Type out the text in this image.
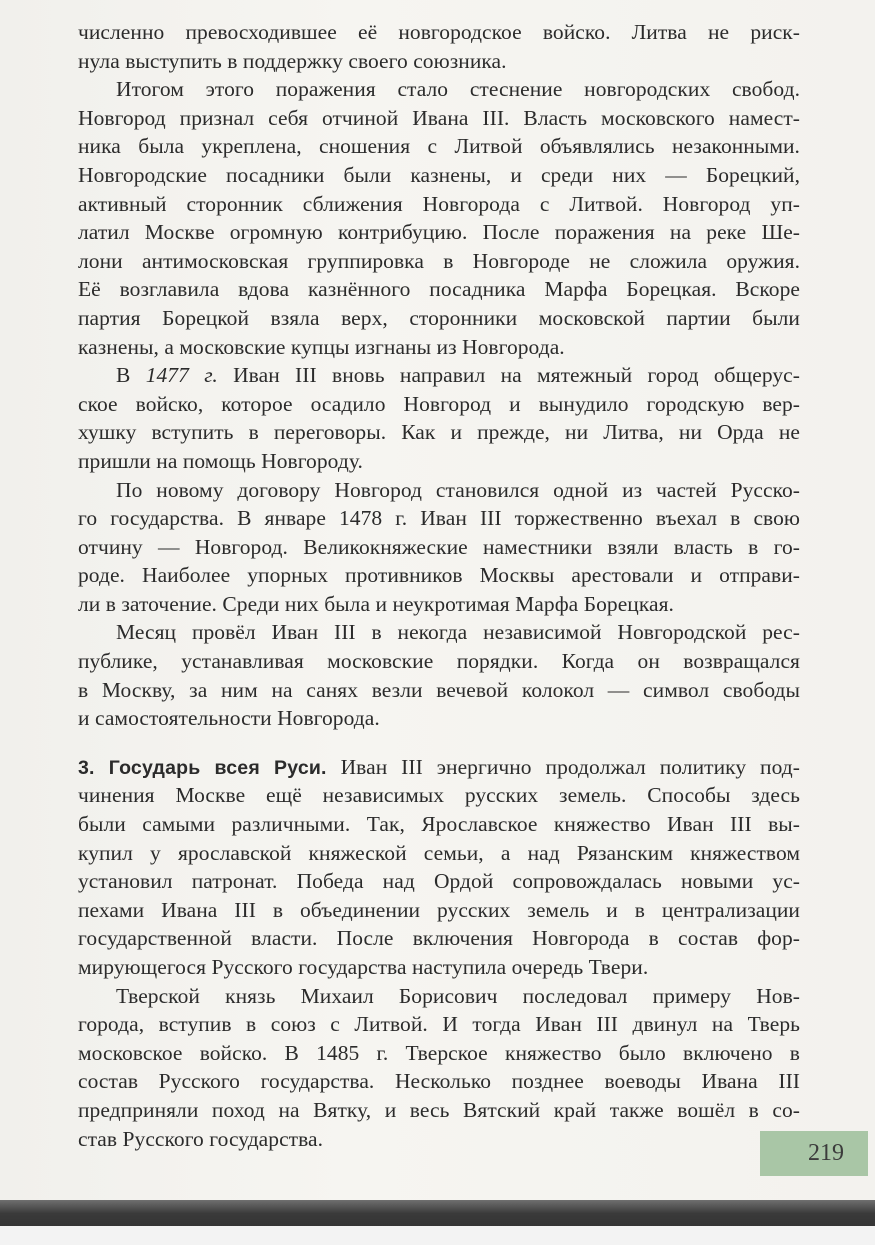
численно превосходившее её новгородское войско. Литва не риск-
нула выступить в поддержку своего союзника.
Итогом этого поражения стало стеснение новгородских свобод.
Новгород признал себя отчиной Ивана III. Власть московского намест-
ника была укреплена, сношения с Литвой объявлялись незаконными.
Новгородские посадники были казнены, и среди них — Борецкий,
активный сторонник сближения Новгорода с Литвой. Новгород уп-
латил Москве огромную контрибуцию. После поражения на реке Ше-
лони антимосковская группировка в Новгороде не сложила оружия.
Её возглавила вдова казнённого посадника Марфа Борецкая. Вскоре
партия Борецкой взяла верх, сторонники московской партии были
казнены, а московские купцы изгнаны из Новгорода.
В 1477 г. Иван III вновь направил на мятежный город общерус-
ское войско, которое осадило Новгород и вынудило городскую вер-
хушку вступить в переговоры. Как и прежде, ни Литва, ни Орда не
пришли на помощь Новгороду.
По новому договору Новгород становился одной из частей Русско-
го государства. В январе 1478 г. Иван III торжественно въехал в свою
отчину — Новгород. Великокняжеские наместники взяли власть в го-
роде. Наиболее упорных противников Москвы арестовали и отправи-
ли в заточение. Среди них была и неукротимая Марфа Борецкая.
Месяц провёл Иван III в некогда независимой Новгородской рес-
публике, устанавливая московские порядки. Когда он возвращался
в Москву, за ним на санях везли вечевой колокол — символ свободы
и самостоятельности Новгорода.
3. Государь всея Руси. Иван III энергично продолжал политику под-
чинения Москве ещё независимых русских земель. Способы здесь
были самыми различными. Так, Ярославское княжество Иван III вы-
купил у ярославской княжеской семьи, а над Рязанским княжеством
установил патронат. Победа над Ордой сопровождалась новыми ус-
пехами Ивана III в объединении русских земель и в централизации
государственной власти. После включения Новгорода в состав фор-
мирующегося Русского государства наступила очередь Твери.
Тверской князь Михаил Борисович последовал примеру Нов-
города, вступив в союз с Литвой. И тогда Иван III двинул на Тверь
московское войско. В 1485 г. Тверское княжество было включено в
состав Русского государства. Несколько позднее воеводы Ивана III
предприняли поход на Вятку, и весь Вятский край также вошёл в со-
став Русского государства.
219
